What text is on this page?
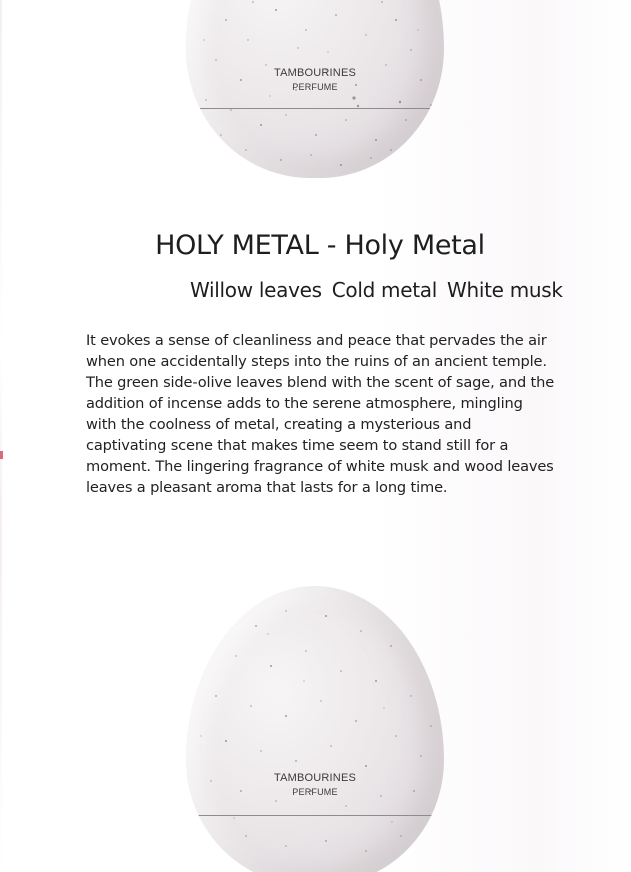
TAMBOURINES
PERFUME
HOLY METAL - Holy Metal
Willow leaves Cold metal White musk

It evokes a sense of cleanliness and peace that pervades the air when one accidentally steps into the ruins of an ancient temple. The green side-olive leaves blend with the scent of sage, and the addition of incense adds to the serene atmosphere, mingling with the coolness of metal, creating a mysterious and captivating scene that makes time seem to stand still for a moment. The lingering fragrance of white musk and wood leaves leaves a pleasant aroma that lasts for a long time.

TAMBOURINES
PERFUME
